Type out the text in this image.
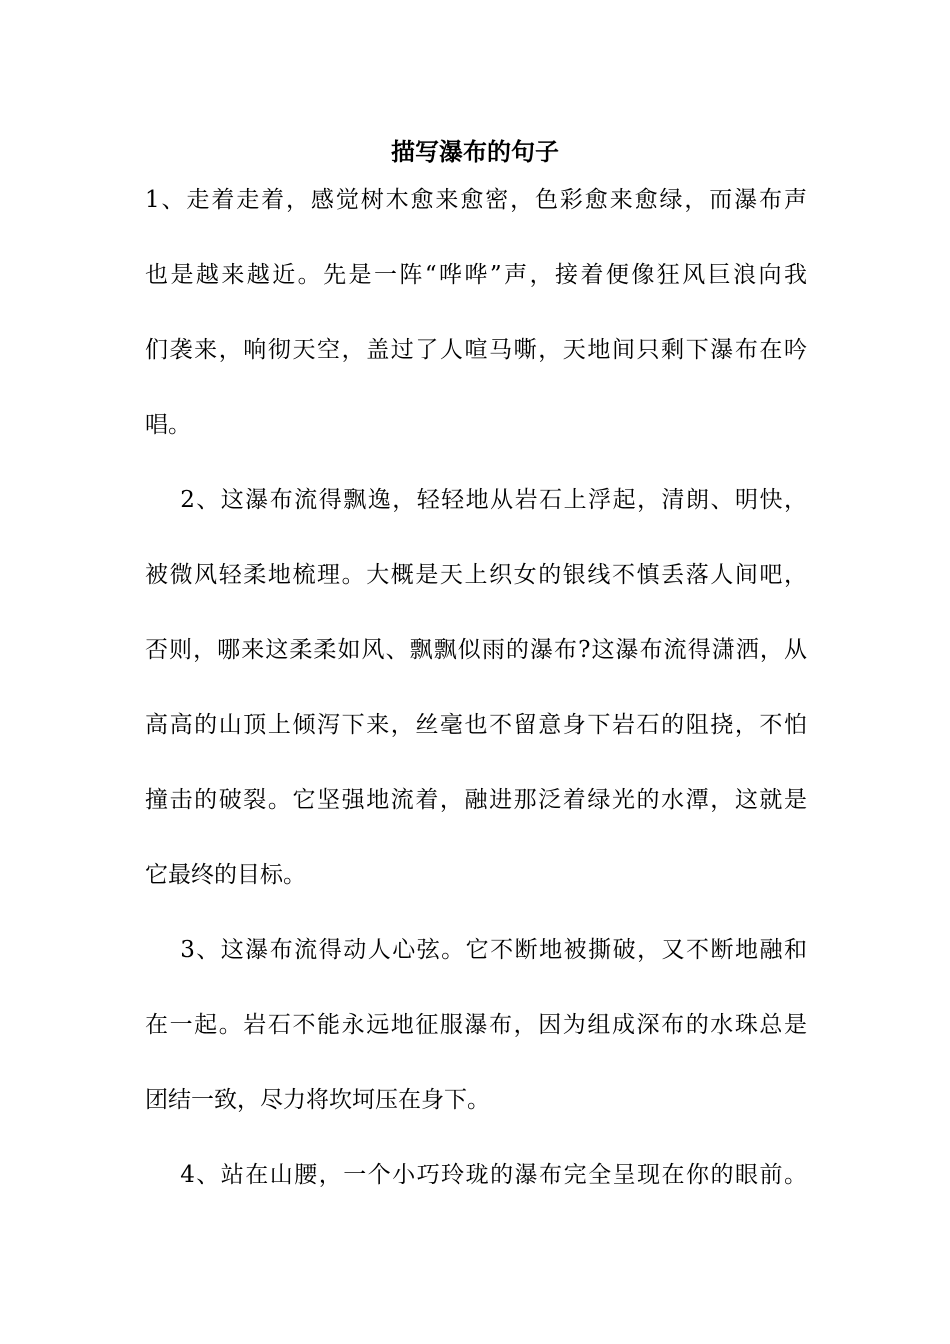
描写瀑布的句子

1、走着走着，感觉树木愈来愈密，色彩愈来愈绿，而瀑布声

也是越来越近。先是一阵“哗哗”声，接着便像狂风巨浪向我

们袭来，响彻天空，盖过了人喧马嘶，天地间只剩下瀑布在吟

唱。

2、这瀑布流得飘逸，轻轻地从岩石上浮起，清朗、明快，

被微风轻柔地梳理。大概是天上织女的银线不慎丢落人间吧，

否则，哪来这柔柔如风、飘飘似雨的瀑布?这瀑布流得潇洒，从

高高的山顶上倾泻下来，丝毫也不留意身下岩石的阻挠，不怕

撞击的破裂。它坚强地流着，融进那泛着绿光的水潭，这就是

它最终的目标。

3、这瀑布流得动人心弦。它不断地被撕破，又不断地融和

在一起。岩石不能永远地征服瀑布，因为组成深布的水珠总是

团结一致，尽力将坎坷压在身下。

4、站在山腰，一个小巧玲珑的瀑布完全呈现在你的眼前。
